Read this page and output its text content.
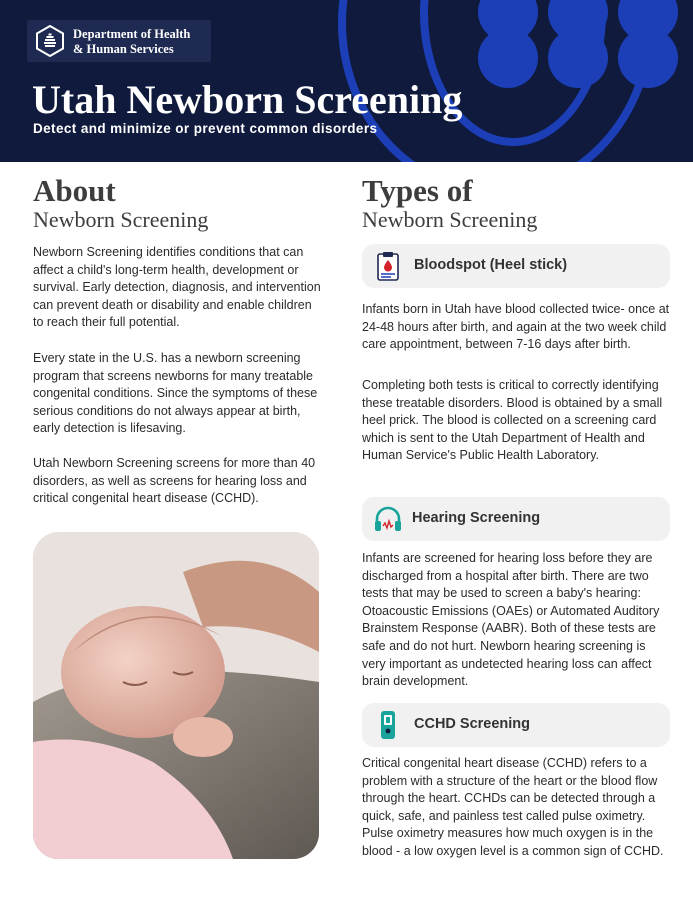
Department of Health
& Human Services
Utah Newborn Screening
Detect and minimize or prevent common disorders
About
Newborn Screening

Newborn Screening identifies conditions that can affect a child's long-term health, development or survival. Early detection, diagnosis, and intervention can prevent death or disability and enable children to reach their full potential.

Every state in the U.S. has a newborn screening program that screens newborns for many treatable congenital conditions. Since the symptoms of these serious conditions do not always appear at birth, early detection is lifesaving.

Utah Newborn Screening screens for more than 40 disorders, as well as screens for hearing loss and critical congenital heart disease (CCHD).

Types of
Newborn Screening
Bloodspot (Heel stick)

Infants born in Utah have blood collected twice- once at 24-48 hours after birth, and again at the two week child care appointment, between 7-16 days after birth.

Completing both tests is critical to correctly identifying these treatable disorders. Blood is obtained by a small heel prick. The blood is collected on a screening card which is sent to the Utah Department of Health and Human Service's Public Health Laboratory.

Hearing Screening

Infants are screened for hearing loss before they are discharged from a hospital after birth. There are two tests that may be used to screen a baby's hearing: Otoacoustic Emissions (OAEs) or Automated Auditory Brainstem Response (AABR). Both of these tests are safe and do not hurt. Newborn hearing screening is very important as undetected hearing loss can affect brain development.

CCHD Screening

Critical congenital heart disease (CCHD) refers to a problem with a structure of the heart or the blood flow through the heart. CCHDs can be detected through a quick, safe, and painless test called pulse oximetry. Pulse oximetry measures how much oxygen is in the blood - a low oxygen level is a common sign of CCHD.
